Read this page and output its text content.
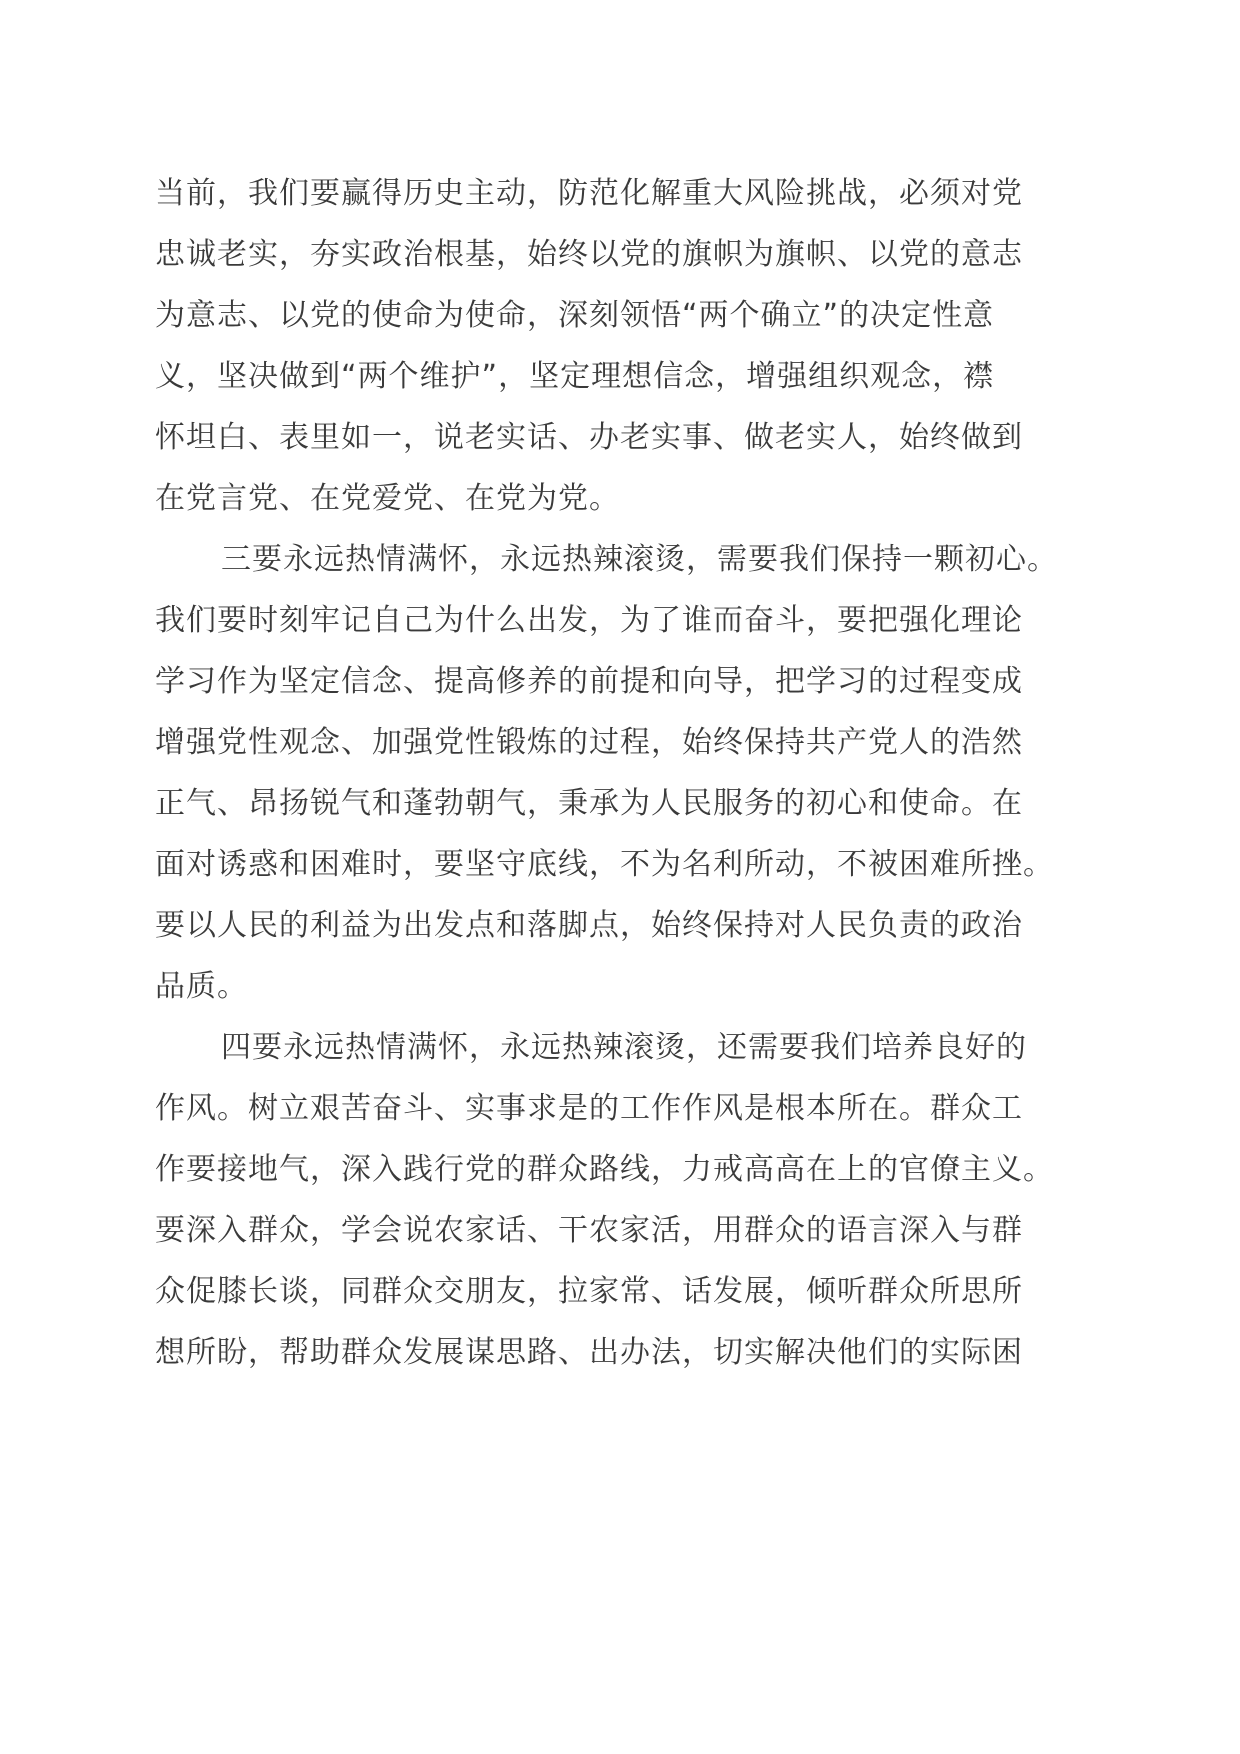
当前，我们要赢得历史主动，防范化解重大风险挑战，必须对党
忠诚老实，夯实政治根基，始终以党的旗帜为旗帜、以党的意志
为意志、以党的使命为使命，深刻领悟“两个确立”的决定性意
义，坚决做到“两个维护”，坚定理想信念，增强组织观念，襟
怀坦白、表里如一，说老实话、办老实事、做老实人，始终做到
在党言党、在党爱党、在党为党。
三要永远热情满怀，永远热辣滚烫，需要我们保持一颗初心。
我们要时刻牢记自己为什么出发，为了谁而奋斗，要把强化理论
学习作为坚定信念、提高修养的前提和向导，把学习的过程变成
增强党性观念、加强党性锻炼的过程，始终保持共产党人的浩然
正气、昂扬锐气和蓬勃朝气，秉承为人民服务的初心和使命。在
面对诱惑和困难时，要坚守底线，不为名利所动，不被困难所挫。
要以人民的利益为出发点和落脚点，始终保持对人民负责的政治
品质。
四要永远热情满怀，永远热辣滚烫，还需要我们培养良好的
作风。树立艰苦奋斗、实事求是的工作作风是根本所在。群众工
作要接地气，深入践行党的群众路线，力戒高高在上的官僚主义。
要深入群众，学会说农家话、干农家活，用群众的语言深入与群
众促膝长谈，同群众交朋友，拉家常、话发展，倾听群众所思所
想所盼，帮助群众发展谋思路、出办法，切实解决他们的实际困
